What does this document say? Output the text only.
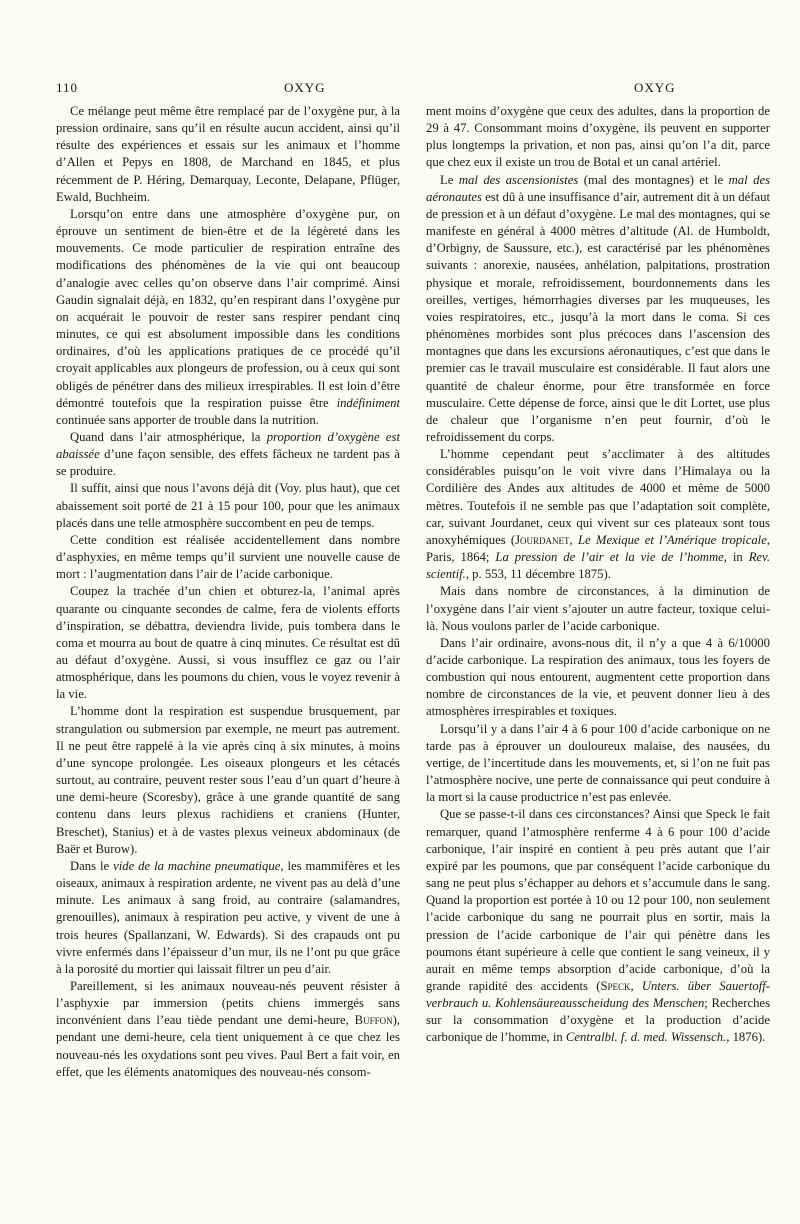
110	OXYG	OXYG

Ce mélange peut même être remplacé par de l’oxygène pur, à la pression ordinaire, sans qu’il en résulte aucun accident, ainsi qu’il résulte des expériences et essais sur les animaux et l’homme d’Allen et Pepys en 1808, de Marchand en 1845, et plus récemment de P. Héring, Demarquay, Leconte, Delapane, Pflüger, Ewald, Buchheim.

Lorsqu’on entre dans une atmosphère d’oxygène pur, on éprouve un sentiment de bien-être et de la légèreté dans les mouvements. Ce mode particulier de respiration entraîne des modifications des phénomènes de la vie qui ont beaucoup d’analogie avec celles qu’on observe dans l’air comprimé. Ainsi Gaudin signalait déjà, en 1832, qu’en respirant dans l’oxygène pur on acquérait le pouvoir de rester sans respirer pendant cinq minutes, ce qui est absolument impossible dans les conditions ordinaires, d’où les applications pratiques de ce procédé qu’il croyait applicables aux plongeurs de profession, ou à ceux qui sont obligés de pénétrer dans des milieux irrespirables. Il est loin d’être démontré toutefois que la respiration puisse être indéfiniment continuée sans apporter de trouble dans la nutrition.

Quand dans l’air atmosphérique, la proportion d’oxygène est abaissée d’une façon sensible, des effets fâcheux ne tardent pas à se produire.

Il suffit, ainsi que nous l’avons déjà dit (Voy. plus haut), que cet abaissement soit porté de 21 à 15 pour 100, pour que les animaux placés dans une telle atmosphère succombent en peu de temps.

Cette condition est réalisée accidentellement dans nombre d’asphyxies, en même temps qu’il survient une nouvelle cause de mort : l’augmentation dans l’air de l’acide carbonique.

Coupez la trachée d’un chien et obturez-la, l’animal après quarante ou cinquante secondes de calme, fera de violents efforts d’inspiration, se débattra, deviendra livide, puis tombera dans le coma et mourra au bout de quatre à cinq minutes. Ce résultat est dû au défaut d’oxygène. Aussi, si vous insufflez ce gaz ou l’air atmosphérique, dans les poumons du chien, vous le voyez revenir à la vie.

L’homme dont la respiration est suspendue brusquement, par strangulation ou submersion par exemple, ne meurt pas autrement. Il ne peut être rappelé à la vie après cinq à six minutes, à moins d’une syncope prolongée. Les oiseaux plongeurs et les cétacés surtout, au contraire, peuvent rester sous l’eau d’un quart d’heure à une demi-heure (Scoresby), grâce à une grande quantité de sang contenu dans leurs plexus rachidiens et craniens (Hunter, Breschet), Stanius) et à de vastes plexus veineux abdominaux (de Baër et Burow).

Dans le vide de la machine pneumatique, les mammifères et les oiseaux, animaux à respiration ardente, ne vivent pas au delà d’une minute. Les animaux à sang froid, au contraire (salamandres, grenouilles), animaux à respiration peu active, y vivent de une à trois heures (Spallanzani, W. Edwards). Si des crapauds ont pu vivre enfermés dans l’épaisseur d’un mur, ils ne l’ont pu que grâce à la porosité du mortier qui laissait filtrer un peu d’air.

Pareillement, si les animaux nouveau-nés peuvent résister à l’asphyxie par immersion (petits chiens immergés sans inconvénient dans l’eau tiède pendant une demi-heure, Buffon), pendant une demi-heure, cela tient uniquement à ce que chez les nouveau-nés les oxydations sont peu vives. Paul Bert a fait voir, en effet, que les éléments anatomiques des nouveau-nés consom-

ment moins d’oxygène que ceux des adultes, dans la proportion de 29 à 47. Consommant moins d’oxygène, ils peuvent en supporter plus longtemps la privation, et non pas, ainsi qu’on l’a dit, parce que chez eux il existe un trou de Botal et un canal artériel.

Le mal des ascensionistes (mal des montagnes) et le mal des aéronautes est dû à une insuffisance d’air, autrement dit à un défaut de pression et à un défaut d’oxygène. Le mal des montagnes, qui se manifeste en général à 4000 mètres d’altitude (Al. de Humboldt, d’Orbigny, de Saussure, etc.), est caractérisé par les phénomènes suivants : anorexie, nausées, anhélation, palpitations, prostration physique et morale, refroidissement, bourdonnements dans les oreilles, vertiges, hémorrhagies diverses par les muqueuses, les voies respiratoires, etc., jusqu’à la mort dans le coma. Si ces phénomènes morbides sont plus précoces dans l’ascension des montagnes que dans les excursions aéronautiques, c’est que dans le premier cas le travail musculaire est considérable. Il faut alors une quantité de chaleur énorme, pour être transformée en force musculaire. Cette dépense de force, ainsi que le dit Lortet, use plus de chaleur que l’organisme n’en peut fournir, d’où le refroidissement du corps.

L’homme cependant peut s’acclimater à des altitudes considérables puisqu’on le voit vivre dans l’Himalaya ou la Cordilière des Andes aux altitudes de 4000 et même de 5000 mètres. Toutefois il ne semble pas que l’adaptation soit complète, car, suivant Jourdanet, ceux qui vivent sur ces plateaux sont tous anoxyhémiques (Jourdanet, Le Mexique et l’Amérique tropicale, Paris, 1864; La pression de l’air et la vie de l’homme, in Rev. scientif., p. 553, 11 décembre 1875).

Mais dans nombre de circonstances, à la diminution de l’oxygène dans l’air vient s’ajouter un autre facteur, toxique celui-là. Nous voulons parler de l’acide carbonique.

Dans l’air ordinaire, avons-nous dit, il n’y a que 4 à 6/10000 d’acide carbonique. La respiration des animaux, tous les foyers de combustion qui nous entourent, augmentent cette proportion dans nombre de circonstances de la vie, et peuvent donner lieu à des atmosphères irrespirables et toxiques.

Lorsqu’il y a dans l’air 4 à 6 pour 100 d’acide carbonique on ne tarde pas à éprouver un douloureux malaise, des nausées, du vertige, de l’incertitude dans les mouvements, et, si l’on ne fuit pas l’atmosphère nocive, une perte de connaissance qui peut conduire à la mort si la cause productrice n’est pas enlevée.

Que se passe-t-il dans ces circonstances? Ainsi que Speck le fait remarquer, quand l’atmosphère renferme 4 à 6 pour 100 d’acide carbonique, l’air inspiré en contient à peu près autant que l’air expiré par les poumons, que par conséquent l’acide carbonique du sang ne peut plus s’échapper au dehors et s’accumule dans le sang. Quand la proportion est portée à 10 ou 12 pour 100, non seulement l’acide carbonique du sang ne pourrait plus en sortir, mais la pression de l’acide carbonique de l’air qui pénètre dans les poumons étant supérieure à celle que contient le sang veineux, il y aurait en même temps absorption d’acide carbonique, d’où la grande rapidité des accidents (Speck, Unters. über Sauertoff-verbrauch u. Kohlensäureausscheidung des Menschen; Recherches sur la consommation d’oxygène et la production d’acide carbonique de l’homme, in Centralbl. f. d. med. Wissensch., 1876).
